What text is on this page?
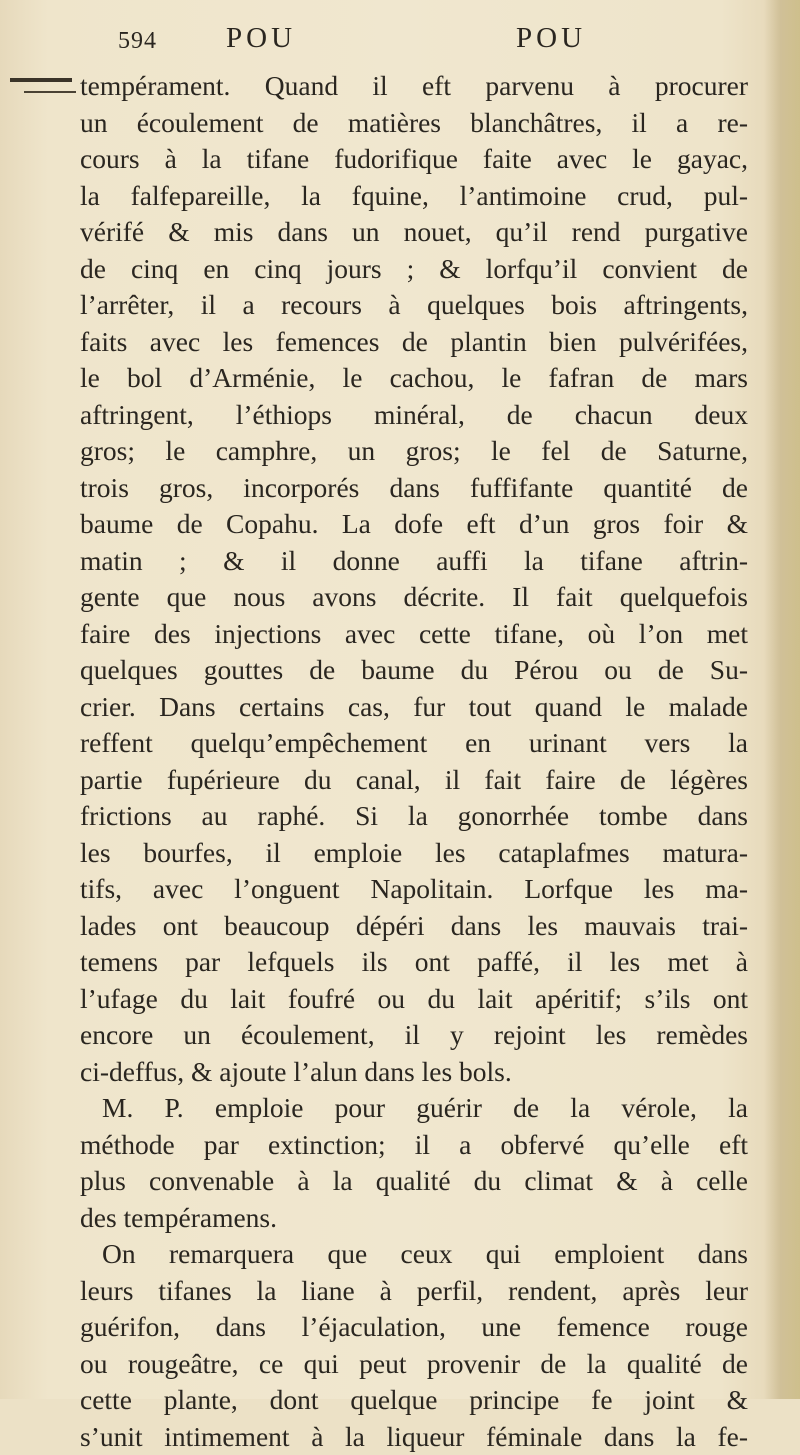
594 POU	POU
tempérament. Quand il eft parvenu à procurer
un écoulement de matières blanchâtres, il a re-
cours à la tifane fudorifique faite avec le gayac,
la falfepareille, la fquine, l’antimoine crud, pul-
vérifé & mis dans un nouet, qu’il rend purgative
de cinq en cinq jours ; & lorfqu’il convient de
l’arrêter, il a recours à quelques bois aftringents,
faits avec les femences de plantin bien pulvérifées,
le bol d’Arménie, le cachou, le fafran de mars
aftringent, l’éthiops minéral, de chacun deux
gros; le camphre, un gros; le fel de Saturne,
trois gros, incorporés dans fuffifante quantité de
baume de Copahu. La dofe eft d’un gros foir &
matin ; & il donne auffi la tifane aftrin-
gente que nous avons décrite. Il fait quelquefois
faire des injections avec cette tifane, où l’on met
quelques gouttes de baume du Pérou ou de Su-
crier. Dans certains cas, fur tout quand le malade
reffent quelqu’empêchement en urinant vers la
partie fupérieure du canal, il fait faire de légères
frictions au raphé. Si la gonorrhée tombe dans
les bourfes, il emploie les cataplafmes matura-
tifs, avec l’onguent Napolitain. Lorfque les ma-
lades ont beaucoup dépéri dans les mauvais trai-
temens par lefquels ils ont paffé, il les met à
l’ufage du lait foufré ou du lait apéritif; s’ils ont
encore un écoulement, il y rejoint les remèdes
ci-deffus, & ajoute l’alun dans les bols.
M. P. emploie pour guérir de la vérole, la
méthode par extinction; il a obfervé qu’elle eft
plus convenable à la qualité du climat & à celle
des tempéramens.
On remarquera que ceux qui emploient dans
leurs tifanes la liane à perfil, rendent, après leur
guérifon, dans l’éjaculation, une femence rouge
ou rougeâtre, ce qui peut provenir de la qualité de
cette plante, dont quelque principe fe joint &
s’unit intimement à la liqueur féminale dans la fe-
